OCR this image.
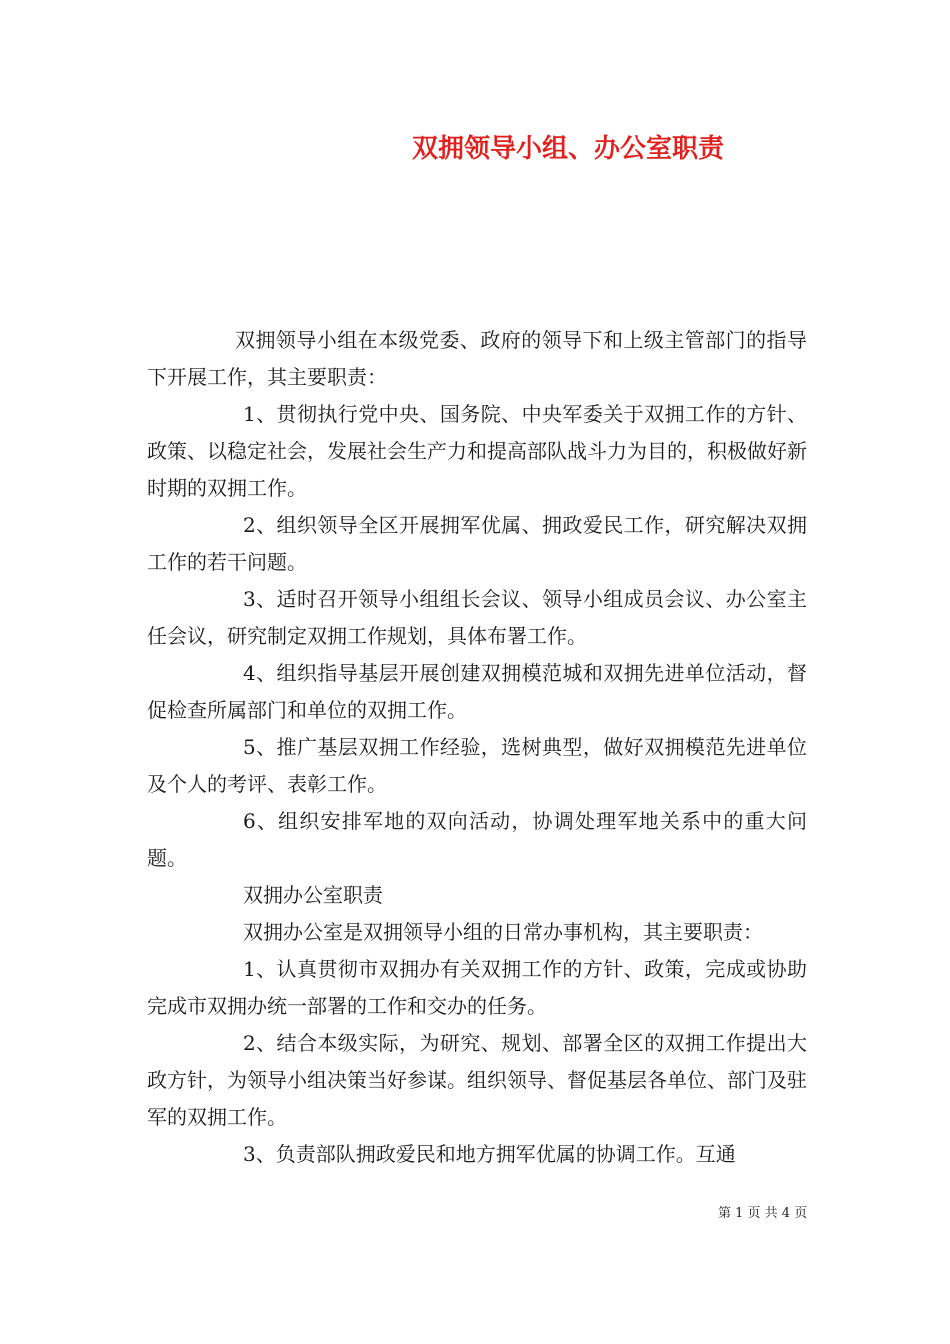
双拥领导小组、办公室职责

双拥领导小组在本级党委、政府的领导下和上级主管部门的指导下开展工作，其主要职责：

1、贯彻执行党中央、国务院、中央军委关于双拥工作的方针、政策、以稳定社会，发展社会生产力和提高部队战斗力为目的，积极做好新时期的双拥工作。

2、组织领导全区开展拥军优属、拥政爱民工作，研究解决双拥工作的若干问题。

3、适时召开领导小组组长会议、领导小组成员会议、办公室主任会议，研究制定双拥工作规划，具体布署工作。

4、组织指导基层开展创建双拥模范城和双拥先进单位活动，督促检查所属部门和单位的双拥工作。

5、推广基层双拥工作经验，选树典型，做好双拥模范先进单位及个人的考评、表彰工作。

6、组织安排军地的双向活动，协调处理军地关系中的重大问题。

双拥办公室职责

双拥办公室是双拥领导小组的日常办事机构，其主要职责：

1、认真贯彻市双拥办有关双拥工作的方针、政策，完成或协助完成市双拥办统一部署的工作和交办的任务。

2、结合本级实际，为研究、规划、部署全区的双拥工作提出大政方针，为领导小组决策当好参谋。组织领导、督促基层各单位、部门及驻军的双拥工作。

3、负责部队拥政爱民和地方拥军优属的协调工作。互通

第 1 页 共 4 页
